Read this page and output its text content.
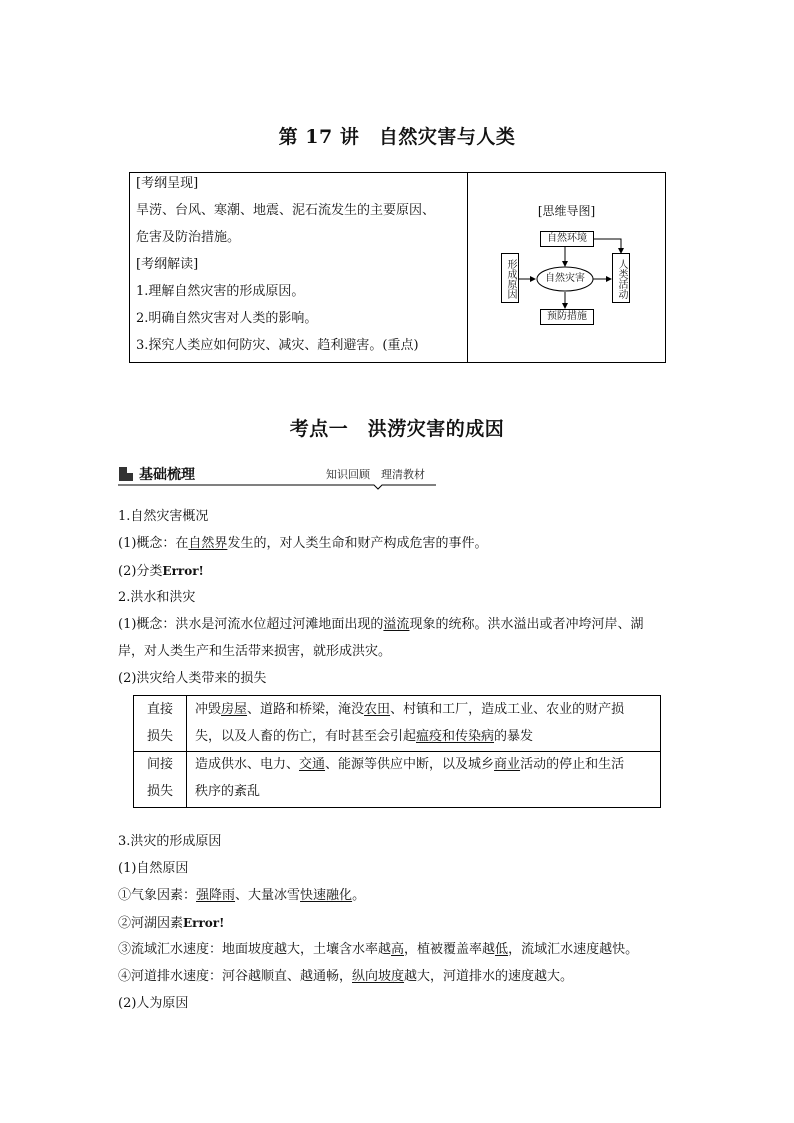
第 17 讲　自然灾害与人类
[考纲呈现]
旱涝、台风、寒潮、地震、泥石流发生的主要原因、
危害及防治措施。
[考纲解读]
1.理解自然灾害的形成原因。
2.明确自然灾害对人类的影响。
3.探究人类应如何防灾、减灾、趋利避害。(重点)
[思维导图]
自然环境
自然灾害
预防措施
形成原因	人类活动
考点一　洪涝灾害的成因
基础梳理	知识回顾　理清教材
1.自然灾害概况
(1)概念：在自然界发生的，对人类生命和财产构成危害的事件。
(2)分类Error!
2.洪水和洪灾
(1)概念：洪水是河流水位超过河滩地面出现的溢流现象的统称。洪水溢出或者冲垮河岸、湖
岸，对人类生产和生活带来损害，就形成洪灾。
(2)洪灾给人类带来的损失
直接
损失
冲毁房屋、道路和桥梁，淹没农田、村镇和工厂，造成工业、农业的财产损
失，以及人畜的伤亡，有时甚至会引起瘟疫和传染病的暴发
间接
损失
造成供水、电力、交通、能源等供应中断，以及城乡商业活动的停止和生活
秩序的紊乱
3.洪灾的形成原因
(1)自然原因
①气象因素：强降雨、大量冰雪快速融化。
②河湖因素Error!
③流域汇水速度：地面坡度越大，土壤含水率越高，植被覆盖率越低，流域汇水速度越快。
④河道排水速度：河谷越顺直、越通畅，纵向坡度越大，河道排水的速度越大。
(2)人为原因
